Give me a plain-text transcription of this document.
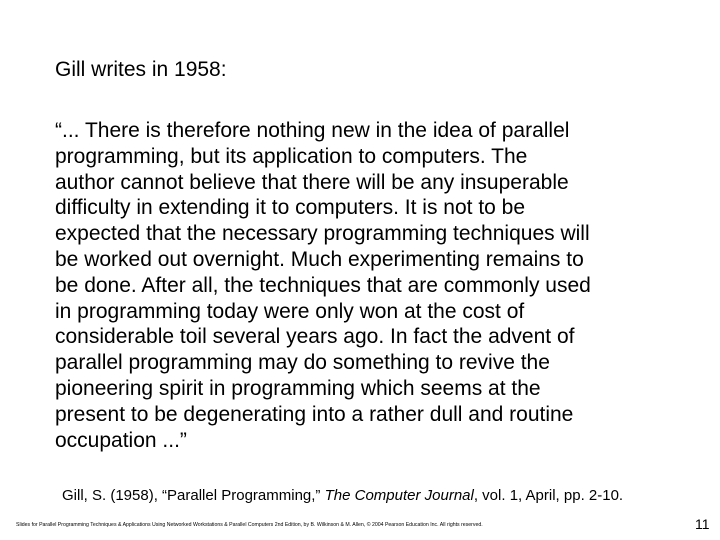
Gill writes in 1958:
“... There is therefore nothing new in the idea of parallel
programming, but its application to computers. The
author cannot believe that there will be any insuperable
difficulty in extending it to computers. It is not to be
expected that the necessary programming techniques will
be worked out overnight. Much experimenting remains to
be done. After all, the techniques that are commonly used
in programming today were only won at the cost of
considerable toil several years ago. In fact the advent of
parallel programming may do something to revive the
pioneering spirit in programming which seems at the
present to be degenerating into a rather dull and routine
occupation ...”
Gill, S. (1958), “Parallel Programming,” The Computer Journal, vol. 1, April, pp. 2-10.
Slides for Parallel Programming Techniques & Applications Using Networked Workstations & Parallel Computers 2nd Edition, by B. Wilkinson & M. Allen, © 2004 Pearson Education Inc. All rights reserved.	11
